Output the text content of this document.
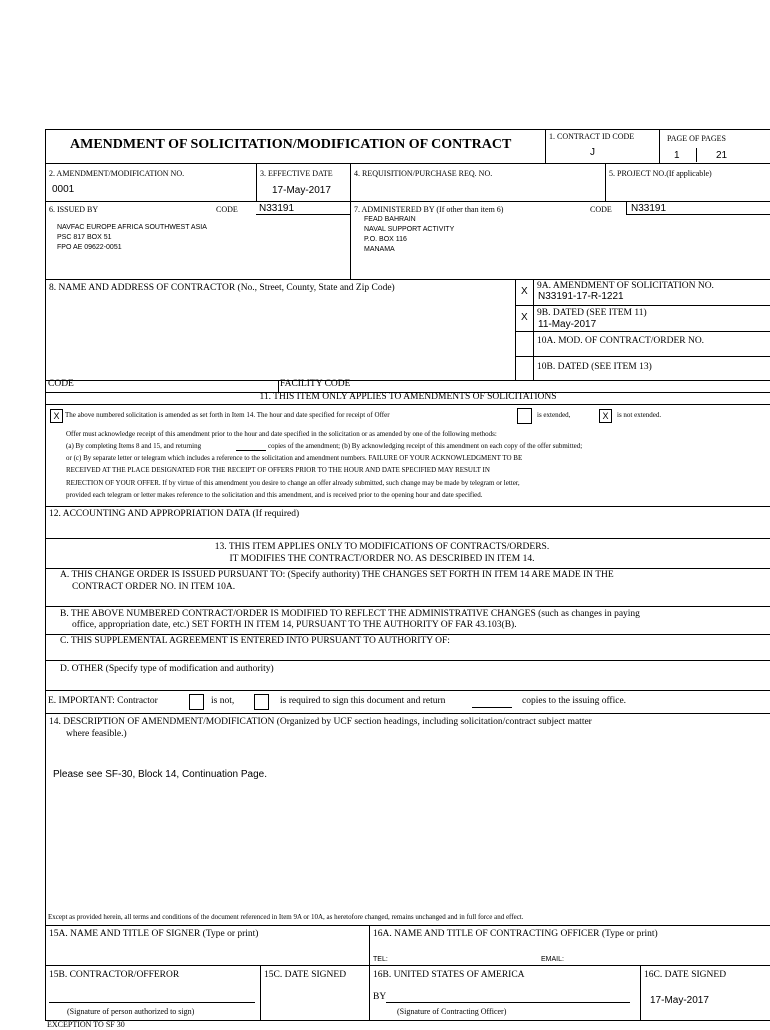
AMENDMENT OF SOLICITATION/MODIFICATION OF CONTRACT
1. CONTRACT ID CODE
J
PAGE OF PAGES
1	21
2. AMENDMENT/MODIFICATION NO.
0001
3. EFFECTIVE DATE
17-May-2017
4. REQUISITION/PURCHASE REQ. NO.	5. PROJECT NO.(If applicable)
6. ISSUED BY	CODE N33191
NAVFAC EUROPE AFRICA SOUTHWEST ASIA
PSC 817 BOX 51
FPO AE 09622-0051
7. ADMINISTERED BY (If other than item 6)	CODE N33191
FEAD BAHRAIN
NAVAL SUPPORT ACTIVITY
P.O. BOX 116
MANAMA
8. NAME AND ADDRESS OF CONTRACTOR (No., Street, County, State and Zip Code)
CODE	FACILITY CODE
X 9A. AMENDMENT OF SOLICITATION NO.
N33191-17-R-1221
X 9B. DATED (SEE ITEM 11)
11-May-2017
10A. MOD. OF CONTRACT/ORDER NO.
10B. DATED (SEE ITEM 13)
11. THIS ITEM ONLY APPLIES TO AMENDMENTS OF SOLICITATIONS
X The above numbered solicitation is amended as set forth in Item 14. The hour and date specified for receipt of Offer	is extended,	X	is not extended.
Offer must acknowledge receipt of this amendment prior to the hour and date specified in the solicitation or as amended by one of the following methods:
(a) By completing Items 8 and 15, and returning	copies of the amendment; (b) By acknowledging receipt of this amendment on each copy of the offer submitted;
or (c) By separate letter or telegram which includes a reference to the solicitation and amendment numbers. FAILURE OF YOUR ACKNOWLEDGMENT TO BE
RECEIVED AT THE PLACE DESIGNATED FOR THE RECEIPT OF OFFERS PRIOR TO THE HOUR AND DATE SPECIFIED MAY RESULT IN
REJECTION OF YOUR OFFER. If by virtue of this amendment you desire to change an offer already submitted, such change may be made by telegram or letter,
provided each telegram or letter makes reference to the solicitation and this amendment, and is received prior to the opening hour and date specified.
12. ACCOUNTING AND APPROPRIATION DATA (If required)
13. THIS ITEM APPLIES ONLY TO MODIFICATIONS OF CONTRACTS/ORDERS.
IT MODIFIES THE CONTRACT/ORDER NO. AS DESCRIBED IN ITEM 14.
A. THIS CHANGE ORDER IS ISSUED PURSUANT TO: (Specify authority) THE CHANGES SET FORTH IN ITEM 14 ARE MADE IN THE
CONTRACT ORDER NO. IN ITEM 10A.
B. THE ABOVE NUMBERED CONTRACT/ORDER IS MODIFIED TO REFLECT THE ADMINISTRATIVE CHANGES (such as changes in paying
office, appropriation date, etc.) SET FORTH IN ITEM 14, PURSUANT TO THE AUTHORITY OF FAR 43.103(B).
C. THIS SUPPLEMENTAL AGREEMENT IS ENTERED INTO PURSUANT TO AUTHORITY OF:
D. OTHER (Specify type of modification and authority)
E. IMPORTANT: Contractor	is not,	is required to sign this document and return	copies to the issuing office.
14. DESCRIPTION OF AMENDMENT/MODIFICATION (Organized by UCF section headings, including solicitation/contract subject matter
where feasible.)
Please see SF-30, Block 14, Continuation Page.
Except as provided herein, all terms and conditions of the document referenced in Item 9A or 10A, as heretofore changed, remains unchanged and in full force and effect.
15A. NAME AND TITLE OF SIGNER (Type or print)	16A. NAME AND TITLE OF CONTRACTING OFFICER (Type or print)
TEL:	EMAIL:
15B. CONTRACTOR/OFFEROR
(Signature of person authorized to sign)
15C. DATE SIGNED	16B. UNITED STATES OF AMERICA
BY
(Signature of Contracting Officer)
16C. DATE SIGNED
17-May-2017
EXCEPTION TO SF 30
